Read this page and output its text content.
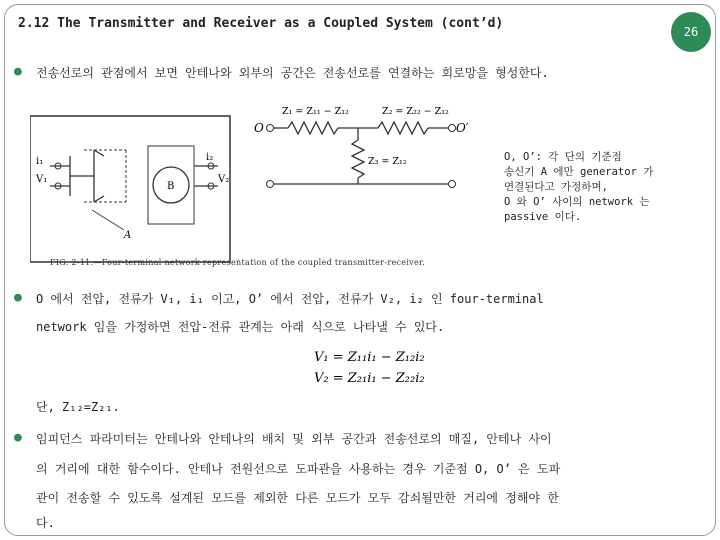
2.12 The Transmitter and Receiver as a Coupled System (cont’d)
26
● 전송선로의 관점에서 보면 안테나와 외부의 공간은 전송선로를 연결하는 회로망을 형성한다.
i₁
V₁
A
B
i₂
V₂
O	O′
Z₁ = Z₁₁ − Z₁₂	Z₂ = Z₂₂ − Z₁₂
Z₃ = Z₁₂
FIG. 2-11.—Four-terminal network representation of the coupled transmitter-receiver.
O, O’: 각 단의 기준점
송신기 A 에만 generator 가
연결된다고 가정하며,
O 와 O’ 사이의 network 는
passive 이다.
● O 에서 전압, 전류가 V₁, i₁ 이고, O’ 에서 전압, 전류가 V₂, i₂ 인 four-terminal
network 임을 가정하면 전압-전류 관계는 아래 식으로 나타낼 수 있다.
V₁ = Z₁₁i₁ − Z₁₂i₂
V₂ = Z₂₁i₁ − Z₂₂i₂
단, Z₁₂=Z₂₁.
● 임피던스 파라미터는 안테나와 안테나의 배치 및 외부 공간과 전송선로의 매질, 안테나 사이
의 거리에 대한 함수이다. 안테나 전원선으로 도파관을 사용하는 경우 기준점 O, O’ 은 도파
관이 전송할 수 있도록 설계된 모드를 제외한 다른 모드가 모두 감쇠될만한 거리에 정해야 한
다.
